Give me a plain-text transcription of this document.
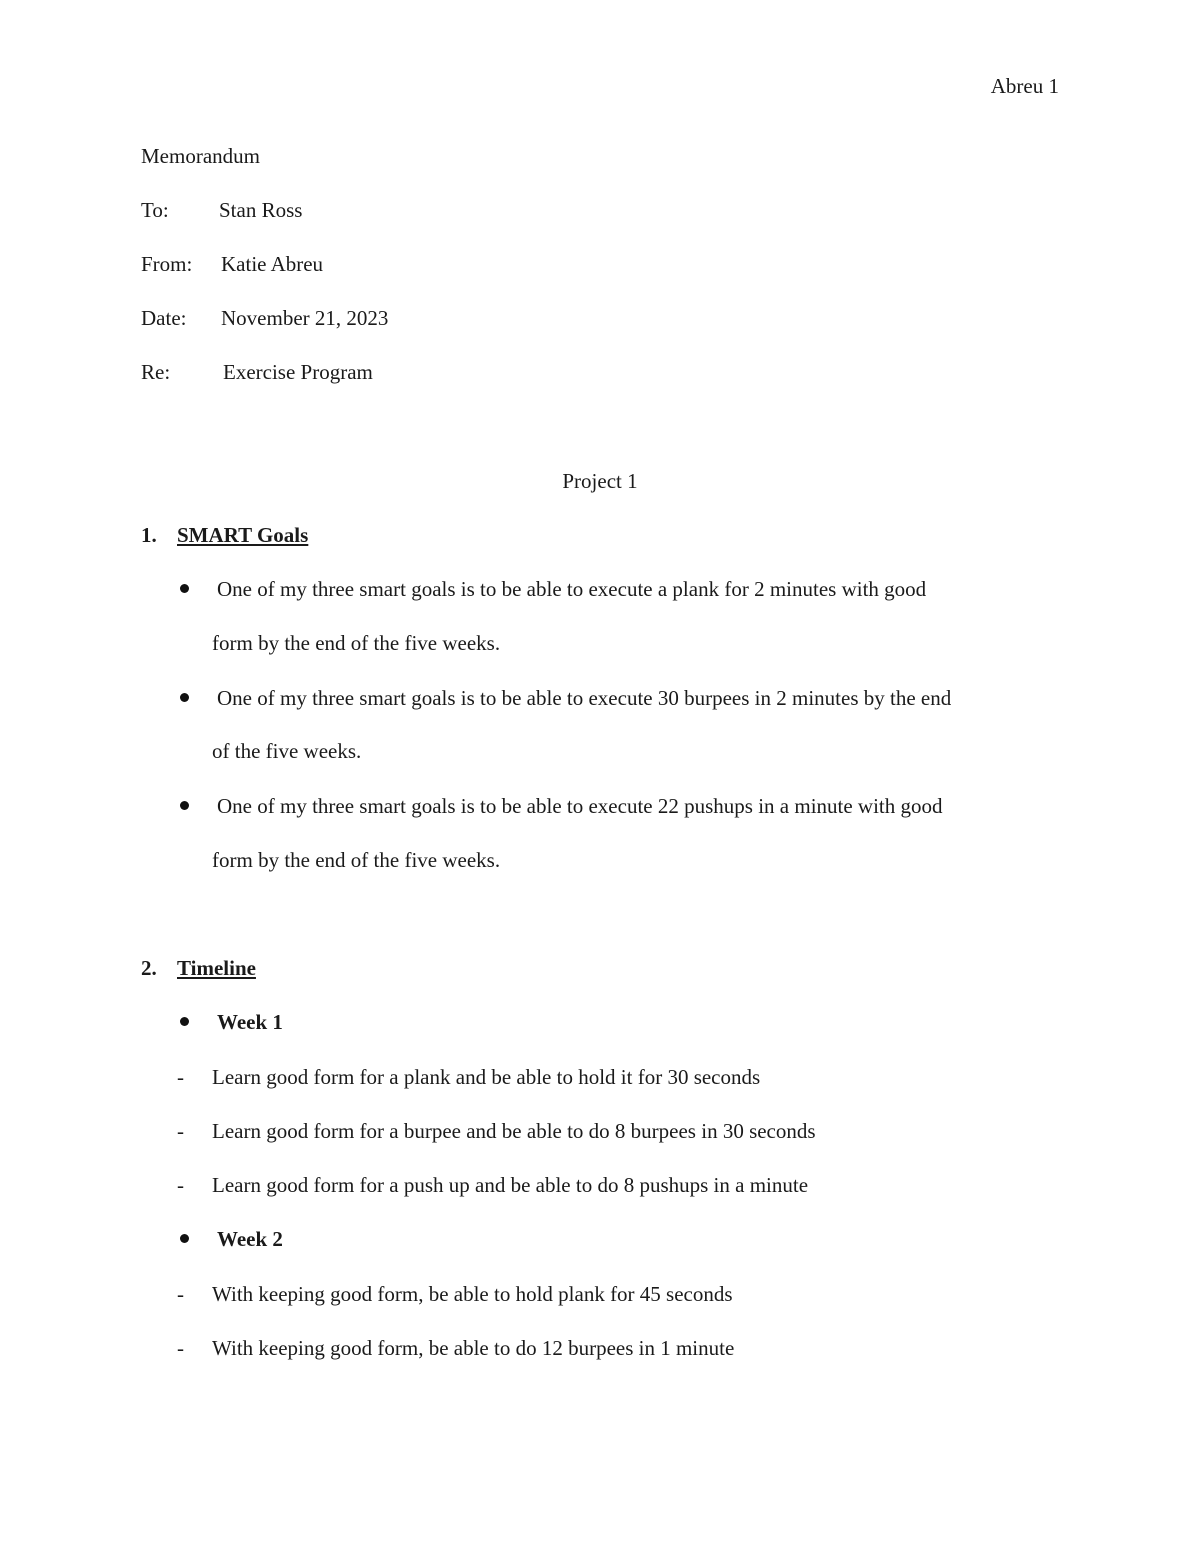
Abreu 1
Memorandum
To: Stan Ross
From: Katie Abreu
Date: November 21, 2023
Re:	Exercise Program
Project 1
1. SMART Goals
One of my three smart goals is to be able to execute a plank for 2 minutes with good
form by the end of the five weeks.
One of my three smart goals is to be able to execute 30 burpees in 2 minutes by the end
of the five weeks.
One of my three smart goals is to be able to execute 22 pushups in a minute with good
form by the end of the five weeks.
2. Timeline
Week 1
- Learn good form for a plank and be able to hold it for 30 seconds
- Learn good form for a burpee and be able to do 8 burpees in 30 seconds
- Learn good form for a push up and be able to do 8 pushups in a minute
Week 2
- With keeping good form, be able to hold plank for 45 seconds
- With keeping good form, be able to do 12 burpees in 1 minute
